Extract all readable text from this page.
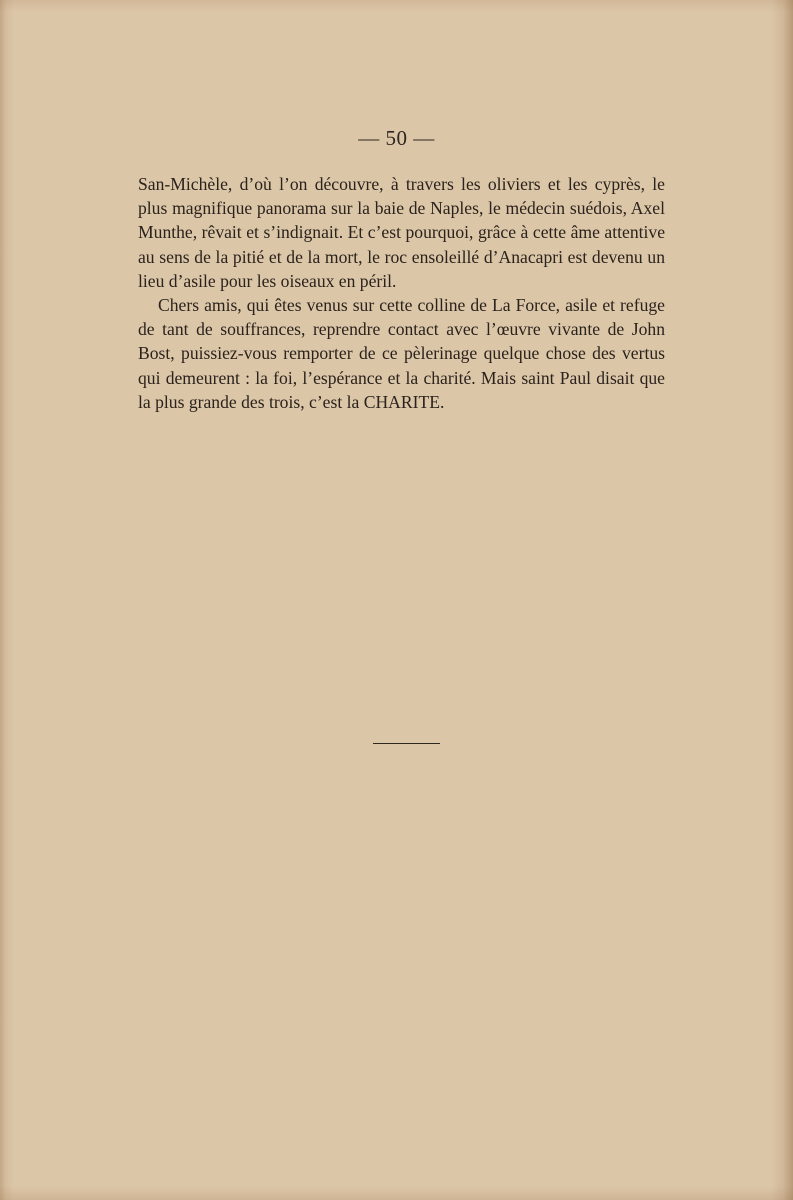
— 50 —

San-Michèle, d’où l’on découvre, à travers les oliviers et les cyprès, le plus magnifique panorama sur la baie de Naples, le médecin suédois, Axel Munthe, rêvait et s’indignait. Et c’est pourquoi, grâce à cette âme attentive au sens de la pitié et de la mort, le roc ensoleillé d’Anacapri est devenu un lieu d’asile pour les oiseaux en péril.

Chers amis, qui êtes venus sur cette colline de La Force, asile et refuge de tant de souffrances, reprendre contact avec l’œuvre vivante de John Bost, puissiez-vous remporter de ce pèlerinage quelque chose des vertus qui demeurent : la foi, l’espérance et la charité. Mais saint Paul disait que la plus grande des trois, c’est la CHARITE.
